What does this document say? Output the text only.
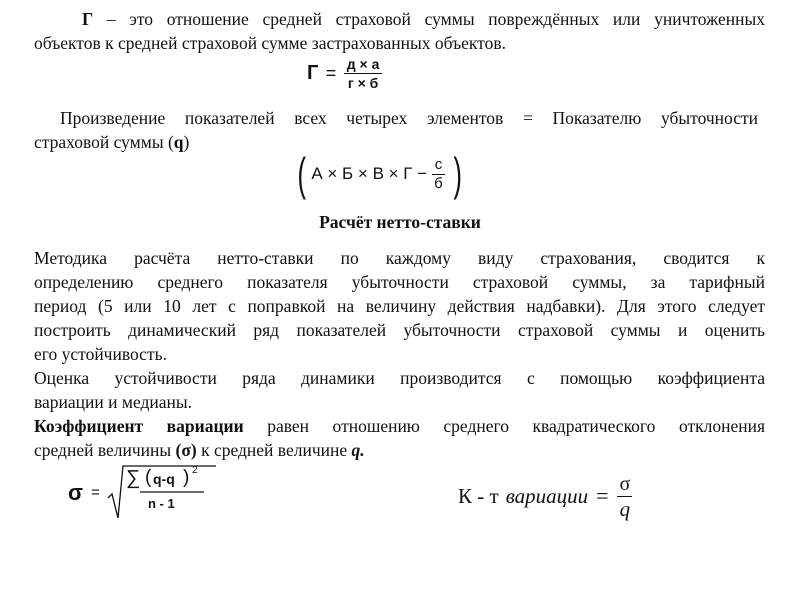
Г – это отношение средней страховой суммы повреждённых или уничтоженных
объектов к средней страховой сумме застрахованных объектов.
$Г = \frac{д \times а}{г \times б}$
Произведение показателей всех четырех элементов = Показателю убыточности
страховой суммы (q)
( $А \times Б \times В \times Г - \frac{с}{б}$ )
Расчёт нетто-ставки
Методика расчёта нетто-ставки по каждому виду страхования, сводится к
определению среднего показателя убыточности страховой суммы, за тарифный
период (5 или 10 лет с поправкой на величину действия надбавки). Для этого следует
построить динамический ряд показателей убыточности страховой суммы и оценить
его устойчивость.
Оценка устойчивости ряда динамики производится с помощью коэффициента
вариации и медианы.
Коэффициент вариации равен отношению среднего квадратического отклонения
средней величины (σ) к средней величине q.
σ =
∑ ( q-q ) 2
n - 1	К - т вариации = $\frac{\sigma}{q}$
